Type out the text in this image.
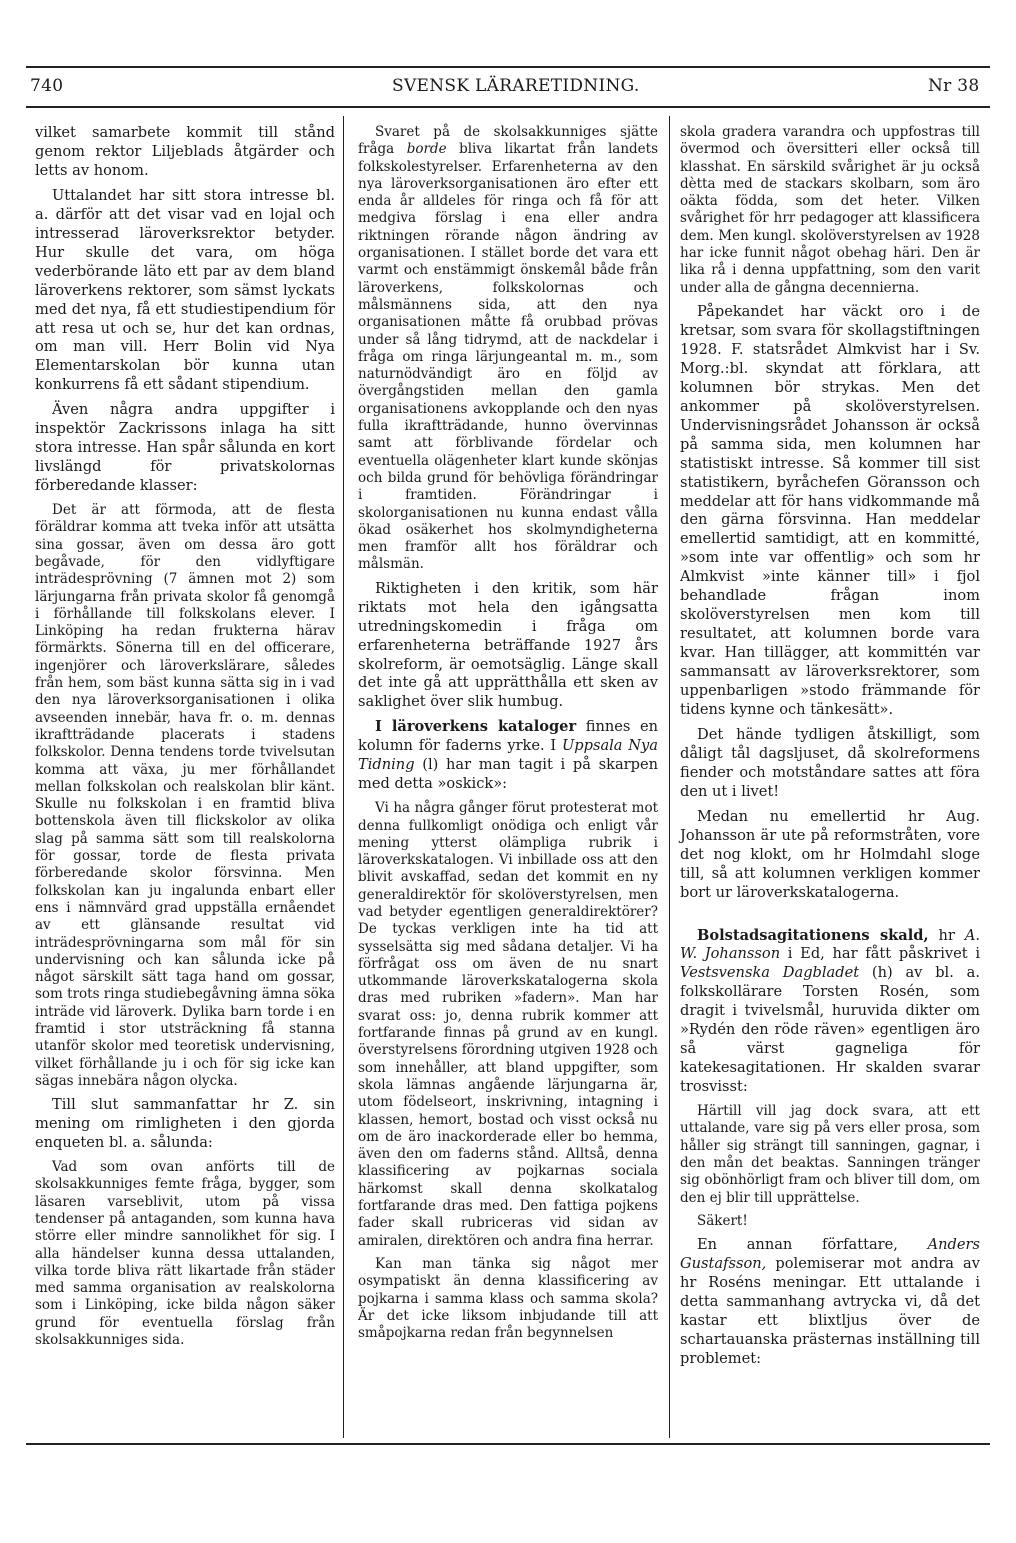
740	SVENSK LÄRARETIDNING.	Nr 38

vilket samarbete kommit till stånd genom rektor Liljeblads åtgärder och letts av honom.

Uttalandet har sitt stora intresse bl. a. därför att det visar vad en lojal och intresserad läroverksrektor betyder. Hur skulle det vara, om höga vederbörande läto ett par av dem bland läroverkens rektorer, som sämst lyckats med det nya, få ett studiestipendium för att resa ut och se, hur det kan ordnas, om man vill. Herr Bolin vid Nya Elementarskolan bör kunna utan konkurrens få ett sådant stipendium.

Även några andra uppgifter i inspektör Zackrissons inlaga ha sitt stora intresse. Han spår sålunda en kort livslängd för privatskolornas förberedande klasser:

Det är att förmoda, att de flesta föräldrar komma att tveka inför att utsätta sina gossar, även om dessa äro gott begåvade, för den vidlyftigare inträdesprövning (7 ämnen mot 2) som lärjungarna från privata skolor få genomgå i förhållande till folkskolans elever. I Linköping ha redan frukterna härav förmärkts. Sönerna till en del officerare, ingenjörer och läroverkslärare, således från hem, som bäst kunna sätta sig in i vad den nya läroverksorganisationen i olika avseenden innebär, hava fr. o. m. dennas ikraftträdande placerats i stadens folkskolor. Denna tendens torde tvivelsutan komma att växa, ju mer förhållandet mellan folkskolan och realskolan blir känt. Skulle nu folkskolan i en framtid bliva bottenskola även till flickskolor av olika slag på samma sätt som till realskolorna för gossar, torde de flesta privata förberedande skolor försvinna. Men folkskolan kan ju ingalunda enbart eller ens i nämnvärd grad uppställa ernåendet av ett glänsande resultat vid inträdesprövningarna som mål för sin undervisning och kan sålunda icke på något särskilt sätt taga hand om gossar, som trots ringa studiebegåvning ämna söka inträde vid läroverk. Dylika barn torde i en framtid i stor utsträckning få stanna utanför skolor med teoretisk undervisning, vilket förhållande ju i och för sig icke kan sägas innebära någon olycka.

Till slut sammanfattar hr Z. sin mening om rimligheten i den gjorda enqueten bl. a. sålunda:

Vad som ovan anförts till de skolsakkunniges femte fråga, bygger, som läsaren varseblivit, utom på vissa tendenser på antaganden, som kunna hava större eller mindre sannolikhet för sig. I alla händelser kunna dessa uttalanden, vilka torde bliva rätt likartade från städer med samma organisation av realskolorna som i Linköping, icke bilda någon säker grund för eventuella förslag från skolsakkunniges sida.

Svaret på de skolsakkunniges sjätte fråga borde bliva likartat från landets folkskolestyrelser. Erfarenheterna av den nya läroverksorganisationen äro efter ett enda år alldeles för ringa och få för att medgiva förslag i ena eller andra riktningen rörande någon ändring av organisationen. I stället borde det vara ett varmt och enstämmigt önskemål både från läroverkens, folkskolornas och målsmännens sida, att den nya organisationen måtte få orubbad prövas under så lång tidrymd, att de nackdelar i fråga om ringa lärjungeantal m. m., som naturnödvändigt äro en följd av övergångstiden mellan den gamla organisationens avkopplande och den nyas fulla ikraftträdande, hunno övervinnas samt att förblivande fördelar och eventuella olägenheter klart kunde skönjas och bilda grund för behövliga förändringar i framtiden. Förändringar i skolorganisationen nu kunna endast vålla ökad osäkerhet hos skolmyndigheterna men framför allt hos föräldrar och målsmän.

Riktigheten i den kritik, som här riktats mot hela den igångsatta utredningskomedin i fråga om erfarenheterna beträffande 1927 års skolreform, är oemotsäglig. Länge skall det inte gå att upprätthålla ett sken av saklighet över slik humbug.

I läroverkens kataloger finnes en kolumn för faderns yrke. I Uppsala Nya Tidning (l) har man tagit i på skarpen med detta »oskick»:

Vi ha några gånger förut protesterat mot denna fullkomligt onödiga och enligt vår mening ytterst olämpliga rubrik i läroverkskatalogen. Vi inbillade oss att den blivit avskaffad, sedan det kommit en ny generaldirektör för skolöverstyrelsen, men vad betyder egentligen generaldirektörer? De tyckas verkligen inte ha tid att sysselsätta sig med sådana detaljer. Vi ha förfrågat oss om även de nu snart utkommande läroverkskatalogerna skola dras med rubriken »fadern». Man har svarat oss: jo, denna rubrik kommer att fortfarande finnas på grund av en kungl. överstyrelsens förordning utgiven 1928 och som innehåller, att bland uppgifter, som skola lämnas angående lärjungarna är, utom födelseort, inskrivning, intagning i klassen, hemort, bostad och visst också nu om de äro inackorderade eller bo hemma, även den om faderns stånd. Alltså, denna klassificering av pojkarnas sociala härkomst skall denna skolkatalog fortfarande dras med. Den fattiga pojkens fader skall rubriceras vid sidan av amiralen, direktören och andra fina herrar.

Kan man tänka sig något mer osympatiskt än denna klassificering av pojkarna i samma klass och samma skola? Är det icke liksom inbjudande till att småpojkarna redan från begynnelsen

skola gradera varandra och uppfostras till övermod och översitteri eller också till klasshat. En särskild svårighet är ju också dètta med de stackars skolbarn, som äro oäkta födda, som det heter. Vilken svårighet för hrr pedagoger att klassificera dem. Men kungl. skolöverstyrelsen av 1928 har icke funnit något obehag häri. Den är lika rå i denna uppfattning, som den varit under alla de gångna decennierna.

Påpekandet har väckt oro i de kretsar, som svara för skollagstiftningen 1928. F. statsrådet Almkvist har i Sv. Morg.:bl. skyndat att förklara, att kolumnen bör strykas. Men det ankommer på skolöverstyrelsen. Undervisningsrådet Johansson är också på samma sida, men kolumnen har statistiskt intresse. Så kommer till sist statistikern, byråchefen Göransson och meddelar att för hans vidkommande må den gärna försvinna. Han meddelar emellertid samtidigt, att en kommitté, »som inte var offentlig» och som hr Almkvist »inte känner till» i fjol behandlade frågan inom skolöverstyrelsen men kom till resultatet, att kolumnen borde vara kvar. Han tillägger, att kommittén var sammansatt av läroverksrektorer, som uppenbarligen »stodo främmande för tidens kynne och tänkesätt».

Det hände tydligen åtskilligt, som dåligt tål dagsljuset, då skolreformens fiender och motståndare sattes att föra den ut i livet!

Medan nu emellertid hr Aug. Johansson är ute på reformstråten, vore det nog klokt, om hr Holmdahl sloge till, så att kolumnen verkligen kommer bort ur läroverkskatalogerna.

Bolstadsagitationens skald, hr A. W. Johansson i Ed, har fått påskrivet i Vestsvenska Dagbladet (h) av bl. a. folkskollärare Torsten Rosén, som dragit i tvivelsmål, huruvida dikter om »Rydén den röde räven» egentligen äro så värst gagneliga för katekesagitationen. Hr skalden svarar trosvisst:

Härtill vill jag dock svara, att ett uttalande, vare sig på vers eller prosa, som håller sig strängt till sanningen, gagnar, i den mån det beaktas. Sanningen tränger sig obönhörligt fram och bliver till dom, om den ej blir till upprättelse.

Säkert!

En annan författare, Anders Gustafsson, polemiserar mot andra av hr Roséns meningar. Ett uttalande i detta sammanhang avtrycka vi, då det kastar ett blixtljus över de schartauanska prästernas inställning till problemet:
